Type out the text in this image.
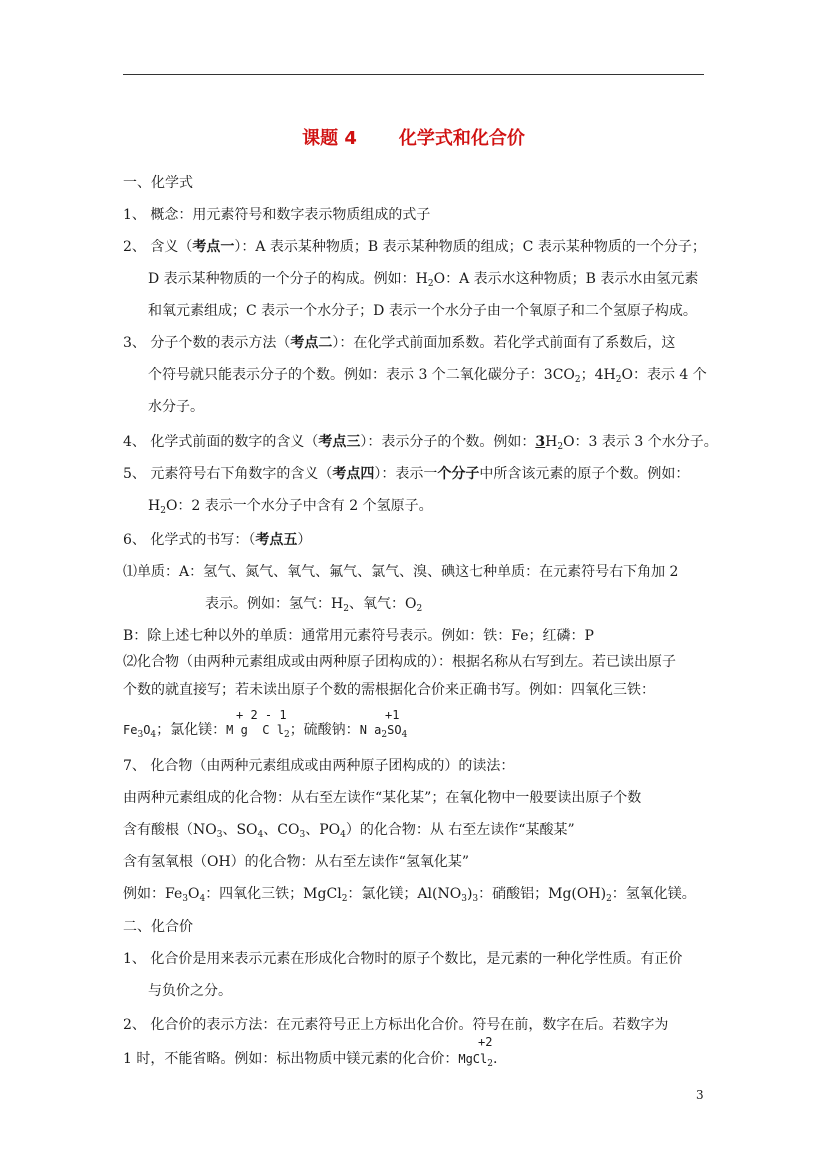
课题 4 化学式和化合价
一、化学式
1、 概念：用元素符号和数字表示物质组成的式子
2、 含义（考点一）：A 表示某种物质；B 表示某种物质的组成；C 表示某种物质的一个分子；
D 表示某种物质的一个分子的构成。例如：$H_2O$：A 表示水这种物质；B 表示水由氢元素
和氧元素组成；C 表示一个水分子；D 表示一个水分子由一个氧原子和二个氢原子构成。
3、 分子个数的表示方法（考点二）：在化学式前面加系数。若化学式前面有了系数后，这
个符号就只能表示分子的个数。例如：表示 3 个二氧化碳分子：$3CO_2$；$4H_2O$：表示 4 个
水分子。
4、 化学式前面的数字的含义（考点三）：表示分子的个数。例如：$3H_2O$：3 表示 3 个水分子。
5、 元素符号右下角数字的含义（考点四）：表示一个分子中所含该元素的原子个数。例如：
$H_2O$：2 表示一个水分子中含有 2 个氢原子。
6、 化学式的书写：（考点五）
⑴单质：A：氢气、氮气、氧气、氟气、氯气、溴、碘这七种单质：在元素符号右下角加 2
表示。例如：氢气：$H_2$、氧气：$O_2$
B：除上述七种以外的单质：通常用元素符号表示。例如：铁：Fe；红磷：P
⑵化合物（由两种元素组成或由两种原子团构成的）：根据名称从右写到左。若已读出原子
个数的就直接写；若未读出原子个数的需根据化合价来正确书写。例如：四氧化三铁：
+ 2 - 1	+1
$Fe_3O_4$；氯化镁：M g  C $l_2$；硫酸钠：N $a_2SO_4$
7、 化合物（由两种元素组成或由两种原子团构成的）的读法：
由两种元素组成的化合物：从右至左读作“某化某”；在氧化物中一般要读出原子个数
含有酸根（$NO_3$、$SO_4$、$CO_3$、$PO_4$）的化合物：从 右至左读作“某酸某”
含有氢氧根（OH）的化合物：从右至左读作“氢氧化某”
例如：$Fe_3O_4$：四氧化三铁；MgCl$_2$：氯化镁；$Al(NO_3)_3$：硝酸铝；$Mg(OH)_2$：氢氧化镁。
二、化合价
1、 化合价是用来表示元素在形成化合物时的原子个数比，是元素的一种化学性质。有正价
与负价之分。
2、 化合价的表示方法：在元素符号正上方标出化合价。符号在前，数字在后。若数字为
+2
1 时，不能省略。例如：标出物质中镁元素的化合价：MgCl$_2$.
3
